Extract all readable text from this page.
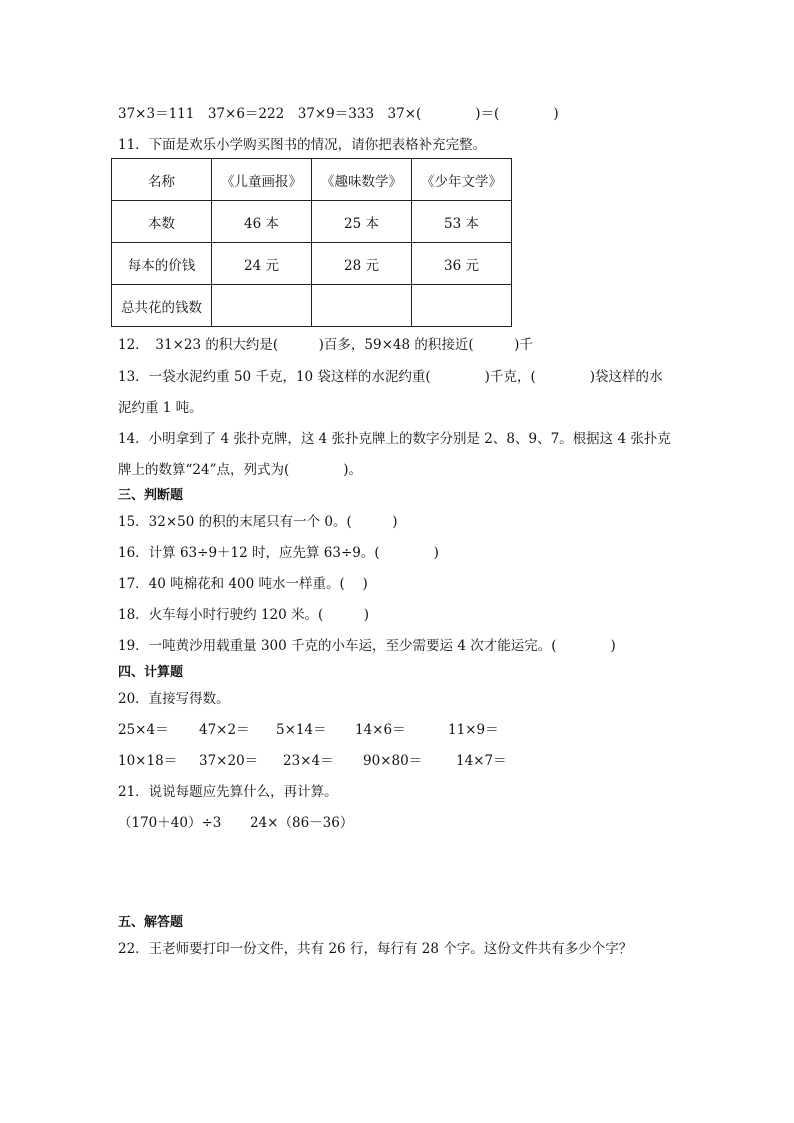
37×3＝111　37×6＝222　37×9＝333　37×(　　　　)＝(　　　　)
11．下面是欢乐小学购买图书的情况，请你把表格补充完整。
名称	《儿童画报》	《趣味数学》	《少年文学》
本数	46 本	25 本	53 本
每本的价钱	24 元	28 元	36 元
总共花的钱数			
12．　31×23 的积大约是(　　　)百多，59×48 的积接近(　　　)千
13．一袋水泥约重 50 千克，10 袋这样的水泥约重(　　　　)千克，(　　　　)袋这样的水
泥约重 1 吨。
14．小明拿到了 4 张扑克牌，这 4 张扑克牌上的数字分别是 2、8、9、7。根据这 4 张扑克
牌上的数算“24”点，列式为(　　　　)。
三、判断题
15．32×50 的积的末尾只有一个 0。(　　　)
16．计算 63÷9＋12 时，应先算 63÷9。(　　　　)
17．40 吨棉花和 400 吨水一样重。(　 )
18．火车每小时行驶约 120 米。(　　　)
19．一吨黄沙用载重量 300 千克的小车运，至少需要运 4 次才能运完。(　　　　)
四、计算题
20．直接写得数。
25×4＝ 47×2＝ 5×14＝ 14×6＝	11×9＝
10×18＝ 37×20＝ 23×4＝ 90×80＝	14×7＝
21．说说每题应先算什么，再计算。
（170＋40）÷3 24×（86－36）
五、解答题
22．王老师要打印一份文件，共有 26 行，每行有 28 个字。这份文件共有多少个字？
